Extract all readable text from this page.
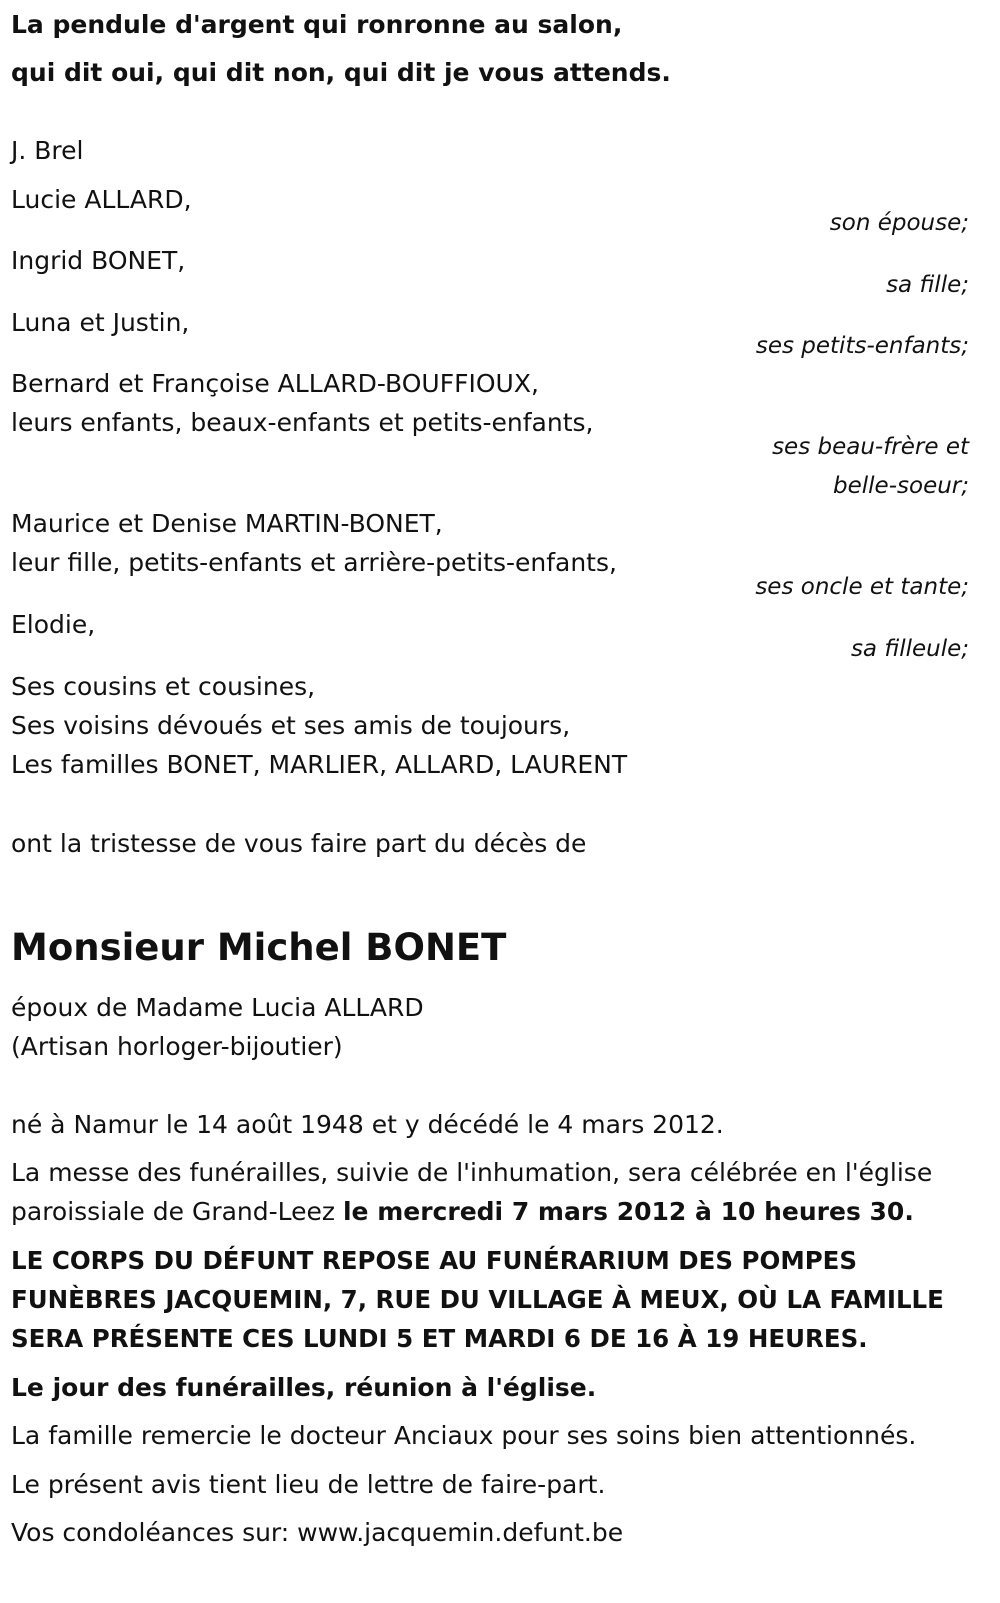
La pendule d'argent qui ronronne au salon,
qui dit oui, qui dit non, qui dit je vous attends.
J. Brel
Lucie ALLARD,
Ingrid BONET,
Luna et Justin,
Bernard et Françoise ALLARD-BOUFFIOUX,
leurs enfants, beaux-enfants et petits-enfants,
Maurice et Denise MARTIN-BONET,
leur fille, petits-enfants et arrière-petits-enfants,
Elodie,
son épouse;
sa fille;
ses petits-enfants;
ses beau-frère et
belle-soeur;
ses oncle et tante;
sa filleule;
Ses cousins et cousines,
Ses voisins dévoués et ses amis de toujours,
Les familles BONET, MARLIER, ALLARD, LAURENT
ont la tristesse de vous faire part du décès de
Monsieur Michel BONET
époux de Madame Lucia ALLARD
(Artisan horloger-bijoutier)
né à Namur le 14 août 1948 et y décédé le 4 mars 2012.
La messe des funérailles, suivie de l'inhumation, sera célébrée en l'église
paroissiale de Grand-Leez le mercredi 7 mars 2012 à 10 heures 30.
LE CORPS DU DÉFUNT REPOSE AU FUNÉRARIUM DES POMPES
FUNÈBRES JACQUEMIN, 7, RUE DU VILLAGE À MEUX, OÙ LA FAMILLE
SERA PRÉSENTE CES LUNDI 5 ET MARDI 6 DE 16 À 19 HEURES.
Le jour des funérailles, réunion à l'église.
La famille remercie le docteur Anciaux pour ses soins bien attentionnés.
Le présent avis tient lieu de lettre de faire-part.
Vos condoléances sur: www.jacquemin.defunt.be
